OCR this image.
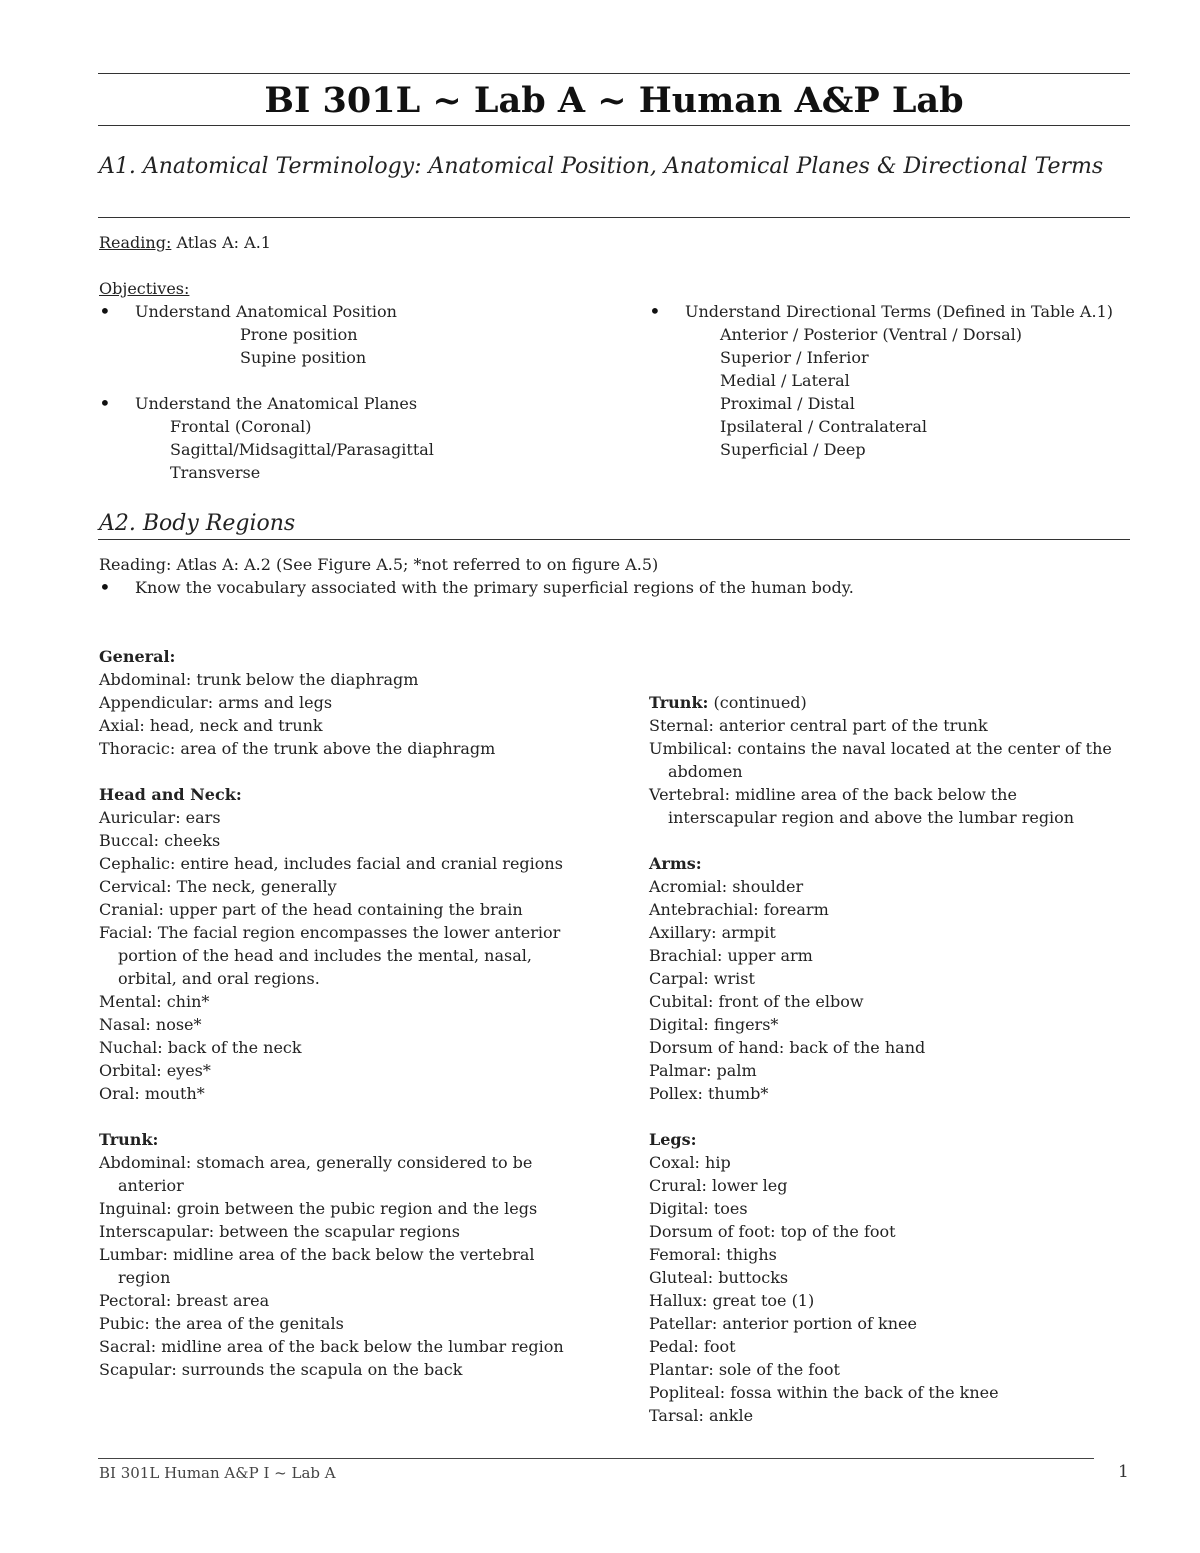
BI 301L ~ Lab A ~ Human A&P Lab
A1. Anatomical Terminology: Anatomical Position, Anatomical Planes & Directional Terms
Reading: Atlas A: A.1
Objectives:
•
Understand Anatomical Position
Prone position
Supine position
•
Understand the Anatomical Planes
Frontal (Coronal)
Sagittal/Midsagittal/Parasagittal
Transverse
•
Understand Directional Terms (Defined in Table A.1)
Anterior / Posterior (Ventral / Dorsal)
Superior / Inferior
Medial / Lateral
Proximal / Distal
Ipsilateral / Contralateral
Superficial / Deep
A2. Body Regions
Reading: Atlas A: A.2 (See Figure A.5; *not referred to on figure A.5)
•
Know the vocabulary associated with the primary superficial regions of the human body.
General:
Abdominal: trunk below the diaphragm
Appendicular: arms and legs
Axial: head, neck and trunk
Thoracic: area of the trunk above the diaphragm
Head and Neck:
Auricular: ears
Buccal: cheeks
Cephalic: entire head, includes facial and cranial regions
Cervical: The neck, generally
Cranial: upper part of the head containing the brain
Facial: The facial region encompasses the lower anterior portion of the head and includes the mental, nasal, orbital, and oral regions.
Mental: chin*
Nasal: nose*
Nuchal: back of the neck
Orbital: eyes*
Oral: mouth*
Trunk:
Abdominal: stomach area, generally considered to be anterior
Inguinal: groin between the pubic region and the legs
Interscapular: between the scapular regions
Lumbar: midline area of the back below the vertebral region
Pectoral: breast area
Pubic: the area of the genitals
Sacral: midline area of the back below the lumbar region
Scapular: surrounds the scapula on the back
Trunk: (continued)
Sternal: anterior central part of the trunk
Umbilical: contains the naval located at the center of the abdomen
Vertebral: midline area of the back below the interscapular region and above the lumbar region
Arms:
Acromial: shoulder
Antebrachial: forearm
Axillary: armpit
Brachial: upper arm
Carpal: wrist
Cubital: front of the elbow
Digital: fingers*
Dorsum of hand: back of the hand
Palmar: palm
Pollex: thumb*
Legs:
Coxal: hip
Crural: lower leg
Digital: toes
Dorsum of foot: top of the foot
Femoral: thighs
Gluteal: buttocks
Hallux: great toe (1)
Patellar: anterior portion of knee
Pedal: foot
Plantar: sole of the foot
Popliteal: fossa within the back of the knee
Tarsal: ankle
BI 301L Human A&P I ~ Lab A	1
